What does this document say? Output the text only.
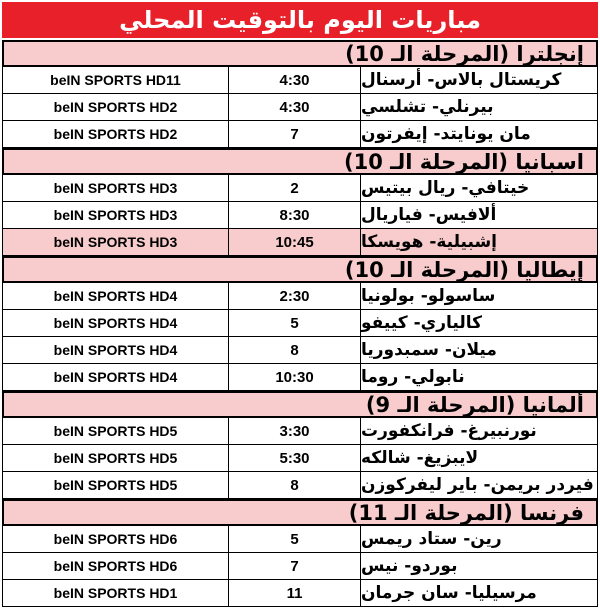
مباريات اليوم بالتوقيت المحلي
إنجلترا (المرحلة الـ 10)
beIN SPORTS HD11	4:30	كريستال بالاس- أرسنال
beIN SPORTS HD2	4:30	بيرنلي- تشلسي
beIN SPORTS HD2	7	مان يونايتد- إيفرتون
اسبانيا (المرحلة الـ 10)
beIN SPORTS HD3	2	خيتافي- ريال بيتيس
beIN SPORTS HD3	8:30	ألافيس- فياريال
beIN SPORTS HD3	10:45	إشبيلية- هويسكا
إيطاليا (المرحلة الـ 10)
beIN SPORTS HD4	2:30	ساسولو- بولونيا
beIN SPORTS HD4	5	كالياري- كييفو
beIN SPORTS HD4	8	ميلان- سمبدوريا
beIN SPORTS HD4	10:30	نابولي- روما
ألمانيا (المرحلة الـ 9)
beIN SPORTS HD5	3:30	نورنبيرغ- فرانكفورت
beIN SPORTS HD5	5:30	لايبزيغ- شالكه
beIN SPORTS HD5	8	فيردر بريمن- باير ليفركوزن
فرنسا (المرحلة الـ 11)
beIN SPORTS HD6	5	رين- ستاد ريمس
beIN SPORTS HD6	7	بوردو- نيس
beIN SPORTS HD1	11	مرسيليا- سان جرمان
